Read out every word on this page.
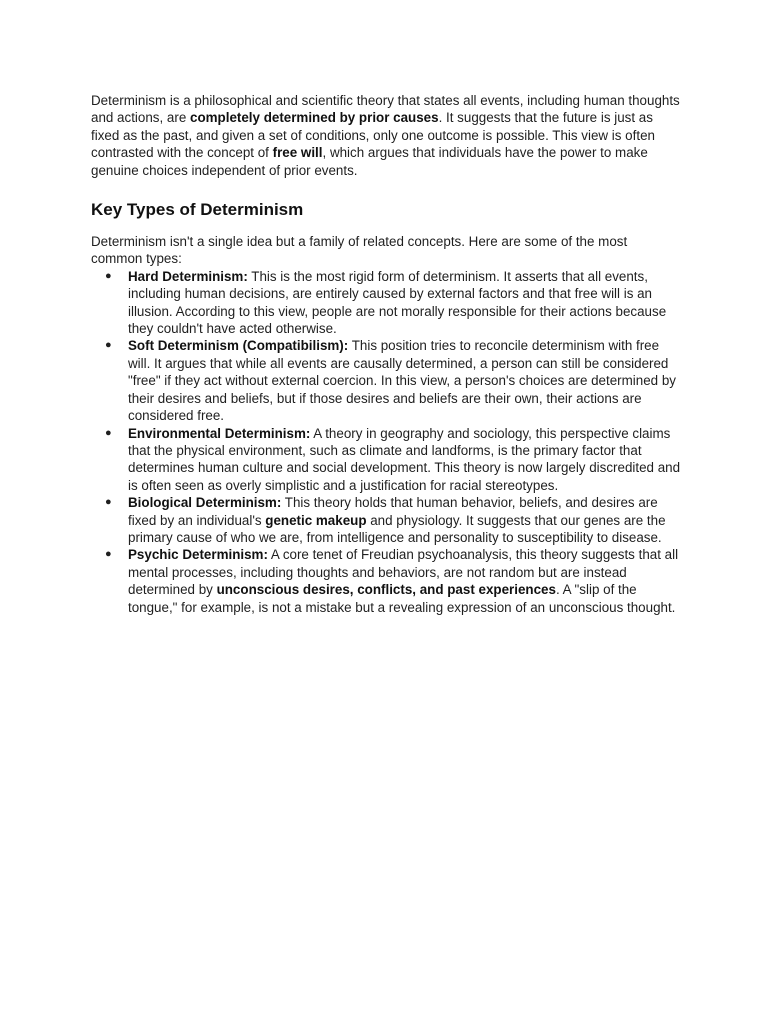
Determinism is a philosophical and scientific theory that states all events, including human thoughts and actions, are completely determined by prior causes. It suggests that the future is just as fixed as the past, and given a set of conditions, only one outcome is possible. This view is often contrasted with the concept of free will, which argues that individuals have the power to make genuine choices independent of prior events.

Key Types of Determinism

Determinism isn't a single idea but a family of related concepts. Here are some of the most common types:

● Hard Determinism: This is the most rigid form of determinism. It asserts that all events, including human decisions, are entirely caused by external factors and that free will is an illusion. According to this view, people are not morally responsible for their actions because they couldn't have acted otherwise.
● Soft Determinism (Compatibilism): This position tries to reconcile determinism with free will. It argues that while all events are causally determined, a person can still be considered "free" if they act without external coercion. In this view, a person's choices are determined by their desires and beliefs, but if those desires and beliefs are their own, their actions are considered free.
● Environmental Determinism: A theory in geography and sociology, this perspective claims that the physical environment, such as climate and landforms, is the primary factor that determines human culture and social development. This theory is now largely discredited and is often seen as overly simplistic and a justification for racial stereotypes.
● Biological Determinism: This theory holds that human behavior, beliefs, and desires are fixed by an individual's genetic makeup and physiology. It suggests that our genes are the primary cause of who we are, from intelligence and personality to susceptibility to disease.
● Psychic Determinism: A core tenet of Freudian psychoanalysis, this theory suggests that all mental processes, including thoughts and behaviors, are not random but are instead determined by unconscious desires, conflicts, and past experiences. A "slip of the tongue," for example, is not a mistake but a revealing expression of an unconscious thought.
